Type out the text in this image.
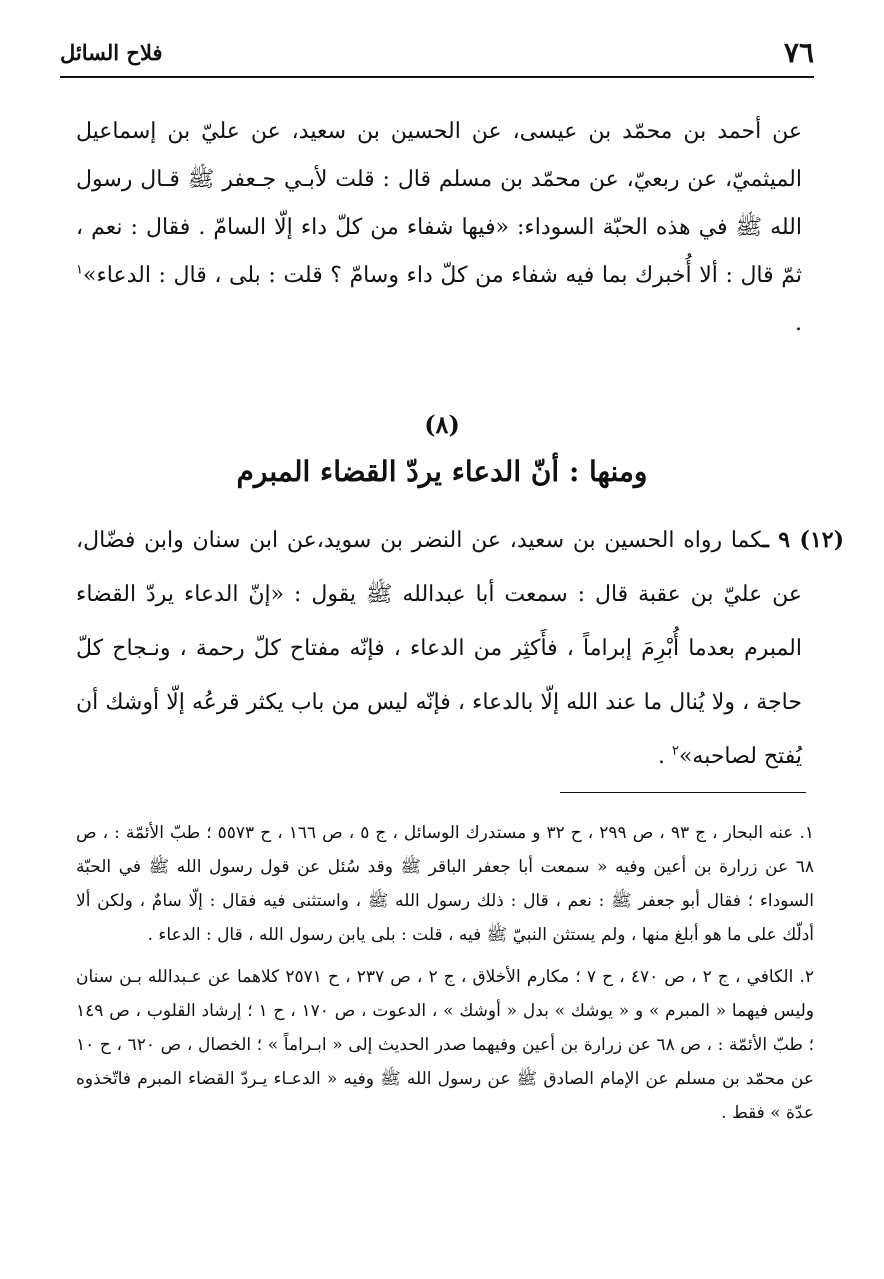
٧٦
فلاح السائل

عن أحمد بن محمّد بن عيسى، عن الحسين بن سعيد، عن عليّ بن إسماعيل الميثميّ، عن ربعيّ، عن محمّد بن مسلم قال : قلت لأبـي جـعفر ﷺ قـال رسول الله ﷺ في هذه الحبّة السوداء: «فيها شفاء من كلّ داء إلّا السامّ . فقال : نعم ، ثمّ قال : ألا أُخبرك بما فيه شفاء من كلّ داء وسامّ ؟ قلت : بلى ، قال : الدعاء»$^١$ .

(٨)
ومنها : أنّ الدعاء يردّ القضاء المبرم

(١٢) ٩ ـكما رواه الحسين بن سعيد، عن النضر بن سويد،عن ابن سنان وابن فضّال،

عن عليّ بن عقبة قال : سمعت أبا عبدالله ﷺ يقول : «إنّ الدعاء يردّ القضاء المبرم بعدما أُبْرِمَ إبراماً ، فأَكثِر من الدعاء ، فإنّه مفتاح كلّ رحمة ، ونـجاح كلّ حاجة ، ولا يُنال ما عند الله إلّا بالدعاء ، فإنّه ليس من باب يكثر قرعُه إلّا أوشك أن يُفتح لصاحبه»$^٢$ .

١. عنه البحار ، ج ٩٣ ، ص ٢٩٩ ، ح ٣٢ و مستدرك الوسائل ، ج ٥ ، ص ١٦٦ ، ح ٥٥٧٣ ؛ طبّ الأئمّة : ، ص ٦٨ عن زرارة بن أعين وفيه « سمعت أبا جعفر الباقر ﷺ وقد سُئل عن قول رسول الله ﷺ في الحبّة السوداء ؛ فقال أبو جعفر ﷺ : نعم ، قال : ذلك رسول الله ﷺ ، واستثنى فيه فقال : إلّا سامٌ ، ولكن ألا أدلّك على ما هو أبلغ منها ، ولم يستثن النبيّ ﷺ فيه ، قلت : بلى يابن رسول الله ، قال : الدعاء .

٢. الكافي ، ج ٢ ، ص ٤٧٠ ، ح ٧ ؛ مكارم الأخلاق ، ج ٢ ، ص ٢٣٧ ، ح ٢٥٧١ كلاهما عن عـبدالله بـن سنان وليس فيهما « المبرم » و « يوشك » بدل « أوشك » ، الدعوت ، ص ١٧٠ ، ح ١ ؛ إرشاد القلوب ، ص ١٤٩ ؛ طبّ الأئمّة : ، ص ٦٨ عن زرارة بن أعين وفيهما صدر الحديث إلى « ابـراماً » ؛ الخصال ، ص ٦٢٠ ، ح ١٠ عن محمّد بن مسلم عن الإمام الصادق ﷺ عن رسول الله ﷺ وفيه « الدعـاء يـردّ القضاء المبرم فاتّخذوه عدّة » فقط .
